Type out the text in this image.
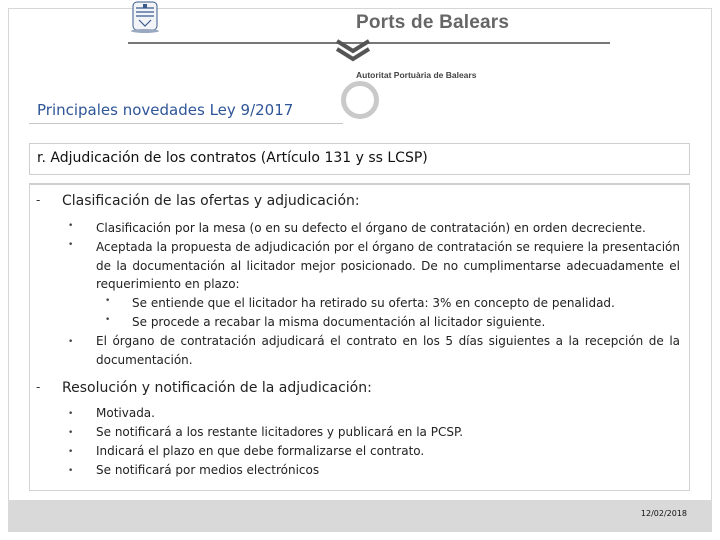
Ports de Balears
Autoritat Portuària de Balears
Principales novedades Ley 9/2017
r. Adjudicación de los contratos (Artículo 131 y ss LCSP)
- Clasificación de las ofertas y adjudicación:
• Clasificación por la mesa (o en su defecto el órgano de contratación) en orden decreciente.
• Aceptada la propuesta de adjudicación por el órgano de contratación se requiere la presentación de la documentación al licitador mejor posicionado. De no cumplimentarse adecuadamente el requerimiento en plazo:
• Se entiende que el licitador ha retirado su oferta: 3% en concepto de penalidad.
• Se procede a recabar la misma documentación al licitador siguiente.
• El órgano de contratación adjudicará el contrato en los 5 días siguientes a la recepción de la documentación.
- Resolución y notificación de la adjudicación:
• Motivada.
• Se notificará a los restante licitadores y publicará en la PCSP.
• Indicará el plazo en que debe formalizarse el contrato.
• Se notificará por medios electrónicos
12/02/2018
